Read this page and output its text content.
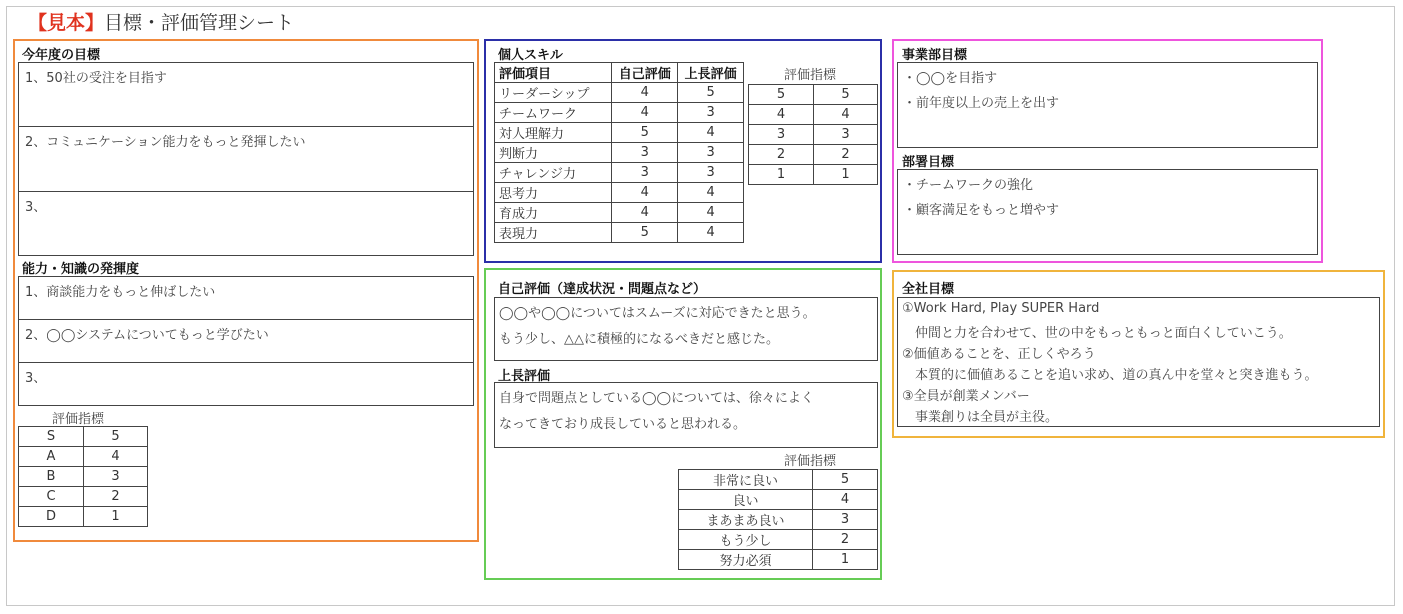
【見本】目標・評価管理シート
今年度の目標
1、50社の受注を目指す
2、コミュニケーション能力をもっと発揮したい
3、
能力・知識の発揮度
1、商談能力をもっと伸ばしたい
2、◯◯システムについてもっと学びたい
3、
評価指標
S	5
A	4
B	3
C	2
D	1
個人スキル
評価項目	自己評価	上長評価
リーダーシップ	4	5
チームワーク	4	3
対人理解力	5	4
判断力	3	3
チャレンジ力	3	3
思考力	4	4
育成力	4	4
表現力	5	4
評価指標
5	5
4	4
3	3
2	2
1	1
自己評価（達成状況・問題点など）
◯◯や◯◯についてはスムーズに対応できたと思う。
もう少し、△△に積極的になるべきだと感じた。
上長評価
自身で問題点としている◯◯については、徐々によく
なってきており成長していると思われる。
評価指標
非常に良い	5
良い	4
まあまあ良い	3
もう少し	2
努力必須	1
事業部目標
・◯◯を目指す
・前年度以上の売上を出す
部署目標
・チームワークの強化
・顧客満足をもっと増やす
全社目標
①Work Hard, Play SUPER Hard
　仲間と力を合わせて、世の中をもっともっと面白くしていこう。
②価値あることを、正しくやろう
　本質的に価値あることを追い求め、道の真ん中を堂々と突き進もう。
③全員が創業メンバー
　事業創りは全員が主役。
